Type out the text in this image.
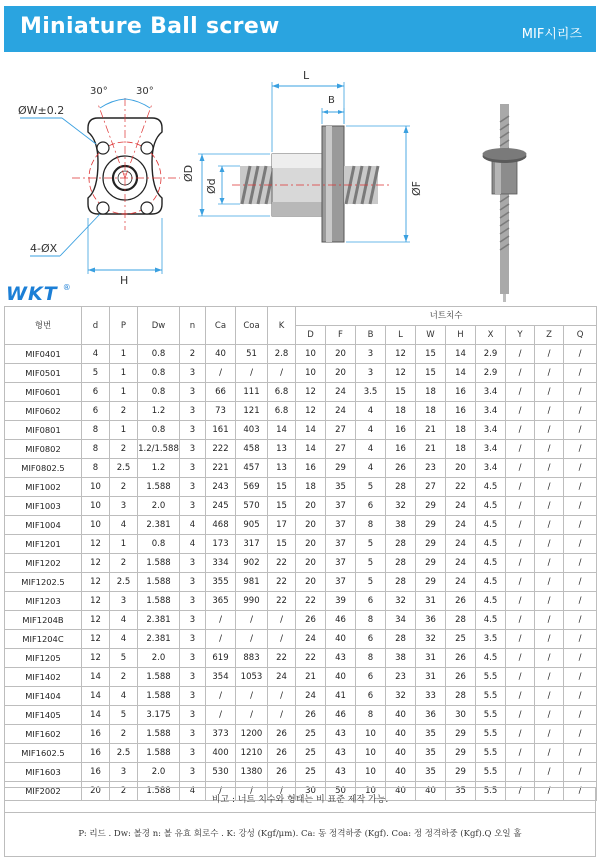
Miniature Ball screw	MIF시리즈
30°	30°
ØW±0.2
4-ØX
H
L
B
ØD
Ød	ØF
WKT ®
형번	d	P	Dw	n	Ca	Coa	K	너트치수									
								D	F	B	L	W	H	X	Y	Z	Q
MIF0401	4	1	0.8	2	40	51	2.8	10	20	3	12	15	14	2.9	/	/	/
MIF0501	5	1	0.8	3	/	/	/	10	20	3	12	15	14	2.9	/	/	/
MIF0601	6	1	0.8	3	66	111	6.8	12	24	3.5	15	18	16	3.4	/	/	/
MIF0602	6	2	1.2	3	73	121	6.8	12	24	4	18	18	16	3.4	/	/	/
MIF0801	8	1	0.8	3	161	403	14	14	27	4	16	21	18	3.4	/	/	/
MIF0802	8	2	1.2/1.588	3	222	458	13	14	27	4	16	21	18	3.4	/	/	/
MIF0802.5	8	2.5	1.2	3	221	457	13	16	29	4	26	23	20	3.4	/	/	/
MIF1002	10	2	1.588	3	243	569	15	18	35	5	28	27	22	4.5	/	/	/
MIF1003	10	3	2.0	3	245	570	15	20	37	6	32	29	24	4.5	/	/	/
MIF1004	10	4	2.381	4	468	905	17	20	37	8	38	29	24	4.5	/	/	/
MIF1201	12	1	0.8	4	173	317	15	20	37	5	28	29	24	4.5	/	/	/
MIF1202	12	2	1.588	3	334	902	22	20	37	5	28	29	24	4.5	/	/	/
MIF1202.5	12	2.5	1.588	3	355	981	22	20	37	5	28	29	24	4.5	/	/	/
MIF1203	12	3	1.588	3	365	990	22	22	39	6	32	31	26	4.5	/	/	/
MIF1204B	12	4	2.381	3	/	/	/	26	46	8	34	36	28	4.5	/	/	/
MIF1204C	12	4	2.381	3	/	/	/	24	40	6	28	32	25	3.5	/	/	/
MIF1205	12	5	2.0	3	619	883	22	22	43	8	38	31	26	4.5	/	/	/
MIF1402	14	2	1.588	3	354	1053	24	21	40	6	23	31	26	5.5	/	/	/
MIF1404	14	4	1.588	3	/	/	/	24	41	6	32	33	28	5.5	/	/	/
MIF1405	14	5	3.175	3	/	/	/	26	46	8	40	36	30	5.5	/	/	/
MIF1602	16	2	1.588	3	373	1200	26	25	43	10	40	35	29	5.5	/	/	/
MIF1602.5	16	2.5	1.588	3	400	1210	26	25	43	10	40	35	29	5.5	/	/	/
MIF1603	16	3	2.0	3	530	1380	26	25	43	10	40	35	29	5.5	/	/	/
MIF2002	20	2	1.588	4	/	/	/	30	50	10	40	40	35	5.5	/	/	/
비고 : 너트 치수와 형태는 비 표준 제작 가능.
P: 리드 . Dw: 볼경 n: 볼 유효 회로수 . K: 강성 (Kgf/μm). Ca: 동 정격하중 (Kgf). Coa: 정 정격하중 (Kgf).Q 오일 홀
